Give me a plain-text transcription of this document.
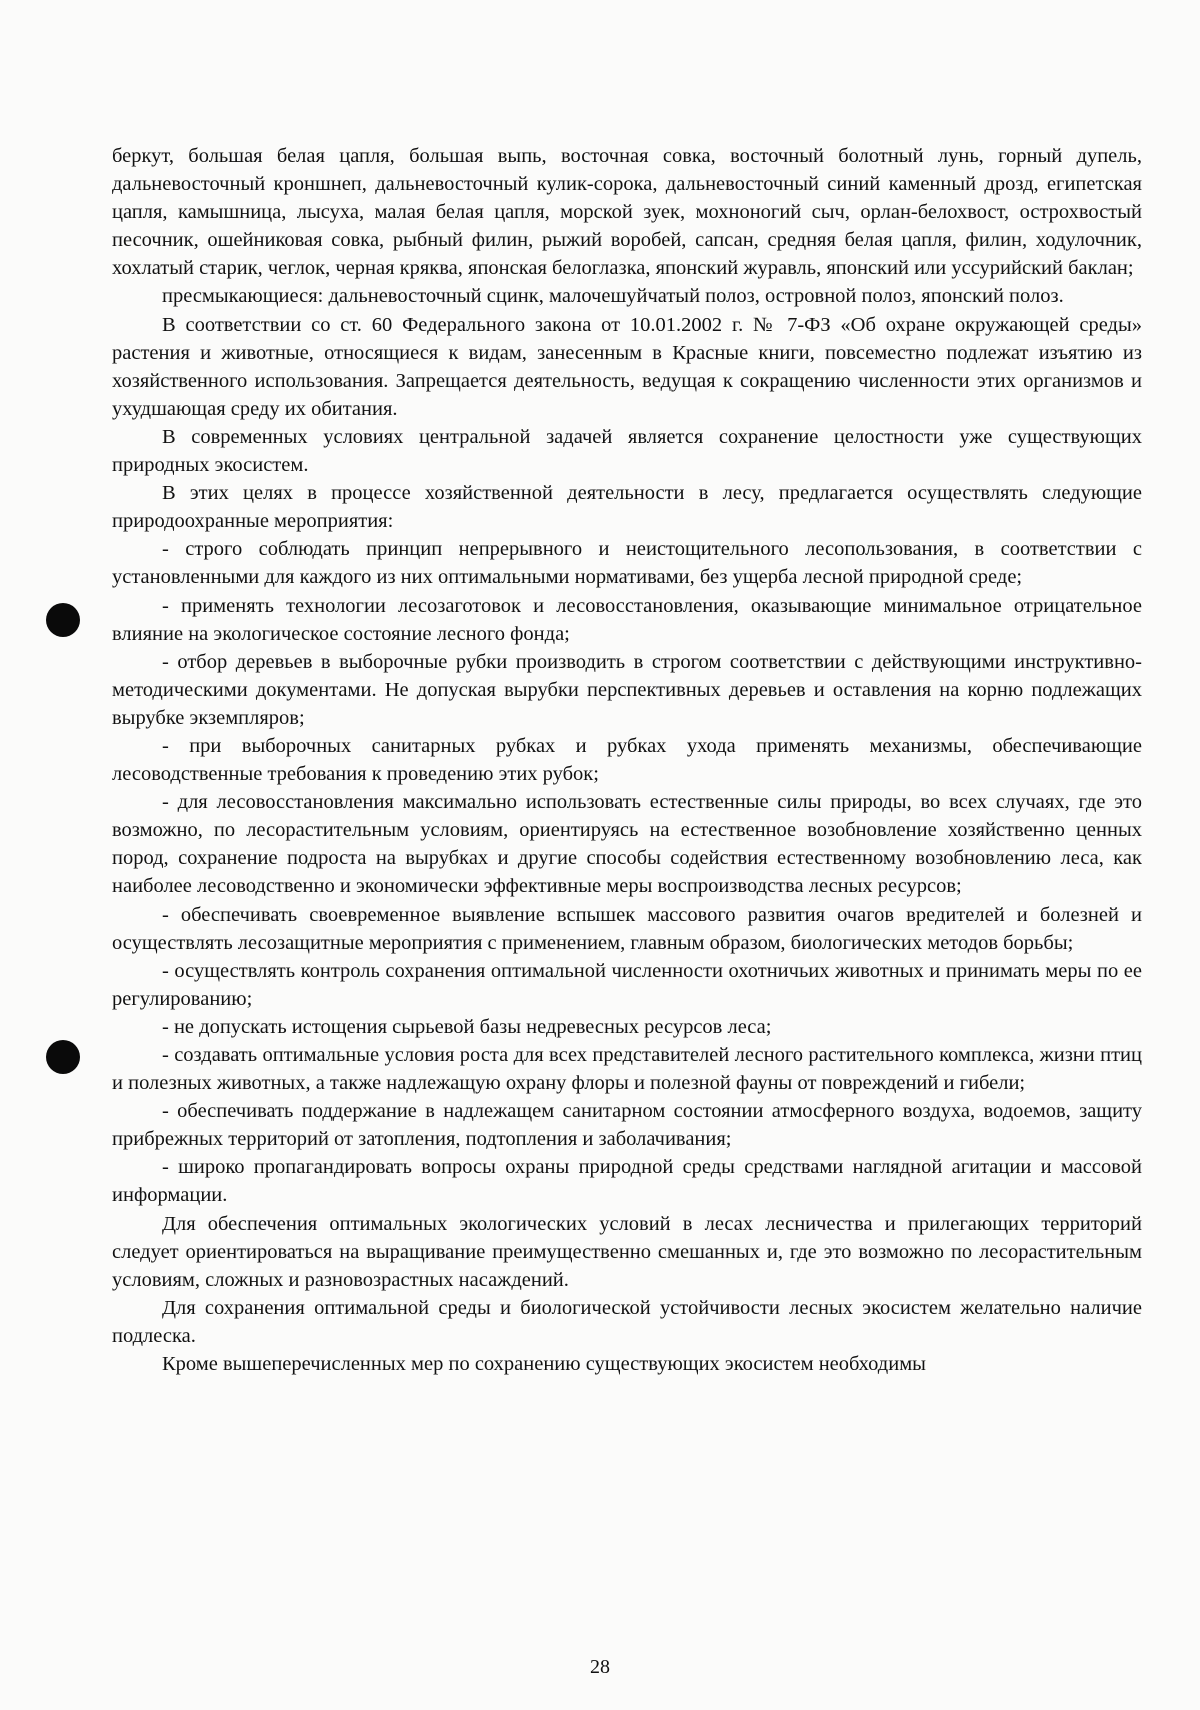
беркут, большая белая цапля, большая выпь, восточная совка, восточный болотный лунь, горный дупель, дальневосточный кроншнеп, дальневосточный кулик-сорока, дальневосточный синий каменный дрозд, египетская цапля, камышница, лысуха, малая белая цапля, морской зуек, мохноногий сыч, орлан-белохвост, острохвостый песочник, ошейниковая совка, рыбный филин, рыжий воробей, сапсан, средняя белая цапля, филин, ходулочник, хохлатый старик, чеглок, черная кряква, японская белоглазка, японский журавль, японский или уссурийский баклан;

пресмыкающиеся: дальневосточный сцинк, малочешуйчатый полоз, островной полоз, японский полоз.

В соответствии со ст. 60 Федерального закона от 10.01.2002 г. № 7-ФЗ «Об охране окружающей среды» растения и животные, относящиеся к видам, занесенным в Красные книги, повсеместно подлежат изъятию из хозяйственного использования. Запрещается деятельность, ведущая к сокращению численности этих организмов и ухудшающая среду их обитания.

В современных условиях центральной задачей является сохранение целостности уже существующих природных экосистем.

В этих целях в процессе хозяйственной деятельности в лесу, предлагается осуществлять следующие природоохранные мероприятия:

- строго соблюдать принцип непрерывного и неистощительного лесопользования, в соответствии с установленными для каждого из них оптимальными нормативами, без ущерба лесной природной среде;

- применять технологии лесозаготовок и лесовосстановления, оказывающие минимальное отрицательное влияние на экологическое состояние лесного фонда;

- отбор деревьев в выборочные рубки производить в строгом соответствии с действующими инструктивно-методическими документами. Не допуская вырубки перспективных деревьев и оставления на корню подлежащих вырубке экземпляров;

- при выборочных санитарных рубках и рубках ухода применять механизмы, обеспечивающие лесоводственные требования к проведению этих рубок;

- для лесовосстановления максимально использовать естественные силы природы, во всех случаях, где это возможно, по лесорастительным условиям, ориентируясь на естественное возобновление хозяйственно ценных пород, сохранение подроста на вырубках и другие способы содействия естественному возобновлению леса, как наиболее лесоводственно и экономически эффективные меры воспроизводства лесных ресурсов;

- обеспечивать своевременное выявление вспышек массового развития очагов вредителей и болезней и осуществлять лесозащитные мероприятия с применением, главным образом, биологических методов борьбы;

- осуществлять контроль сохранения оптимальной численности охотничьих животных и принимать меры по ее регулированию;

- не допускать истощения сырьевой базы недревесных ресурсов леса;

- создавать оптимальные условия роста для всех представителей лесного растительного комплекса, жизни птиц и полезных животных, а также надлежащую охрану флоры и полезной фауны от повреждений и гибели;

- обеспечивать поддержание в надлежащем санитарном состоянии атмосферного воздуха, водоемов, защиту прибрежных территорий от затопления, подтопления и заболачивания;

- широко пропагандировать вопросы охраны природной среды средствами наглядной агитации и массовой информации.

Для обеспечения оптимальных экологических условий в лесах лесничества и прилегающих территорий следует ориентироваться на выращивание преимущественно смешанных и, где это возможно по лесорастительным условиям, сложных и разновозрастных насаждений.

Для сохранения оптимальной среды и биологической устойчивости лесных экосистем желательно наличие подлеска.

Кроме вышеперечисленных мер по сохранению существующих экосистем необходимы

28
